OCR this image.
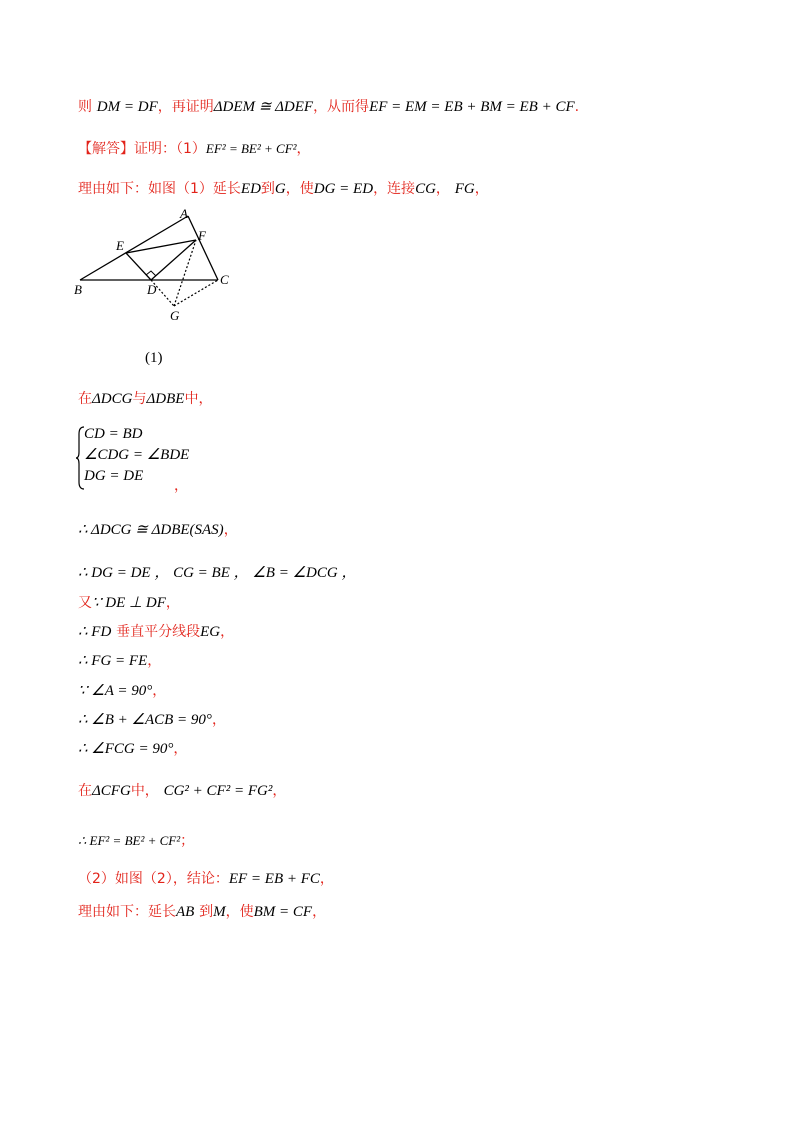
则 DM = DF，再证明ΔDEM ≅ ΔDEF，从而得EF = EM = EB + BM = EB + CF.
【解答】证明：（1）EF² = BE² + CF²，
理由如下：如图（1）延长ED到G，使DG = ED，连接CG， FG，
A
B
C
D
E
F
G
(1)
在ΔDCG与ΔDBE中，
CD = BD
∠CDG = ∠BDE
DG = DE
，
∴ ΔDCG ≅ ΔDBE(SAS)，
∴ DG = DE ， CG = BE ， ∠B = ∠DCG ，
又∵ DE ⊥ DF，
∴ FD 垂直平分线段EG，
∴ FG = FE，
∵ ∠A = 90°，
∴ ∠B + ∠ACB = 90°，
∴ ∠FCG = 90°，
在ΔCFG中， CG² + CF² = FG²，
∴ EF² = BE² + CF²；
（2）如图（2），结论：EF = EB + FC，
理由如下：延长AB 到M，使BM = CF，
